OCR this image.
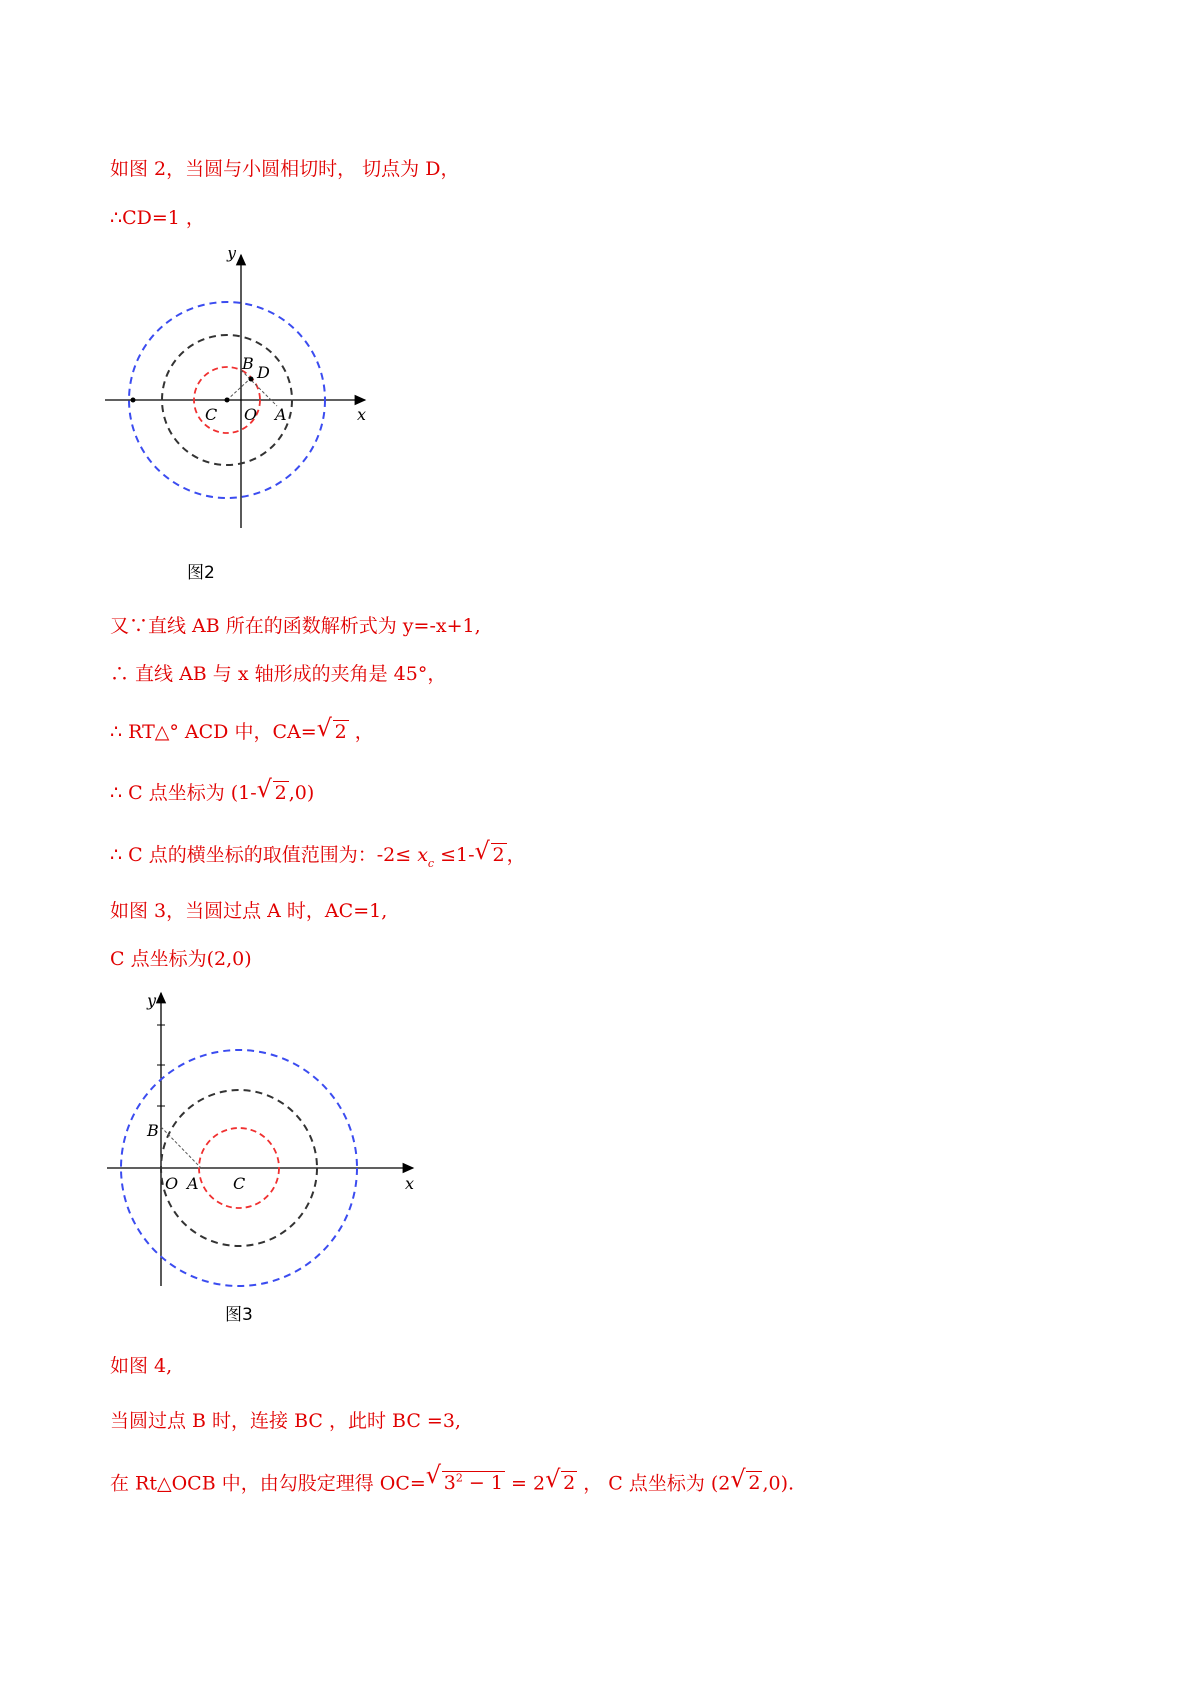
如图 2，当圆与小圆相切时， 切点为 D，
∴CD=1 ，
y
x
B D
C O A
图2
又∵直线 AB 所在的函数解析式为 y=-x+1,
∴ 直线 AB 与 x 轴形成的夹角是 45°，
∴ RT△° ACD 中，CA=√ 2 ，
∴ C 点坐标为 (1-√ 2 ,0)
∴ C 点的横坐标的取值范围为：$-2\le x_c \le 1-√$ 2 ，
如图 3，当圆过点 A 时，AC=1,
C 点坐标为(2,0)
y
x
B
O A C
图3
如图 4,
当圆过点 B 时，连接 BC ，此时 BC =3,
在 Rt△OCB 中，由勾股定理得 OC=√ $3^2 - 1 = 2√$ 2 ， C 点坐标为 (2√ 2 ,0).
